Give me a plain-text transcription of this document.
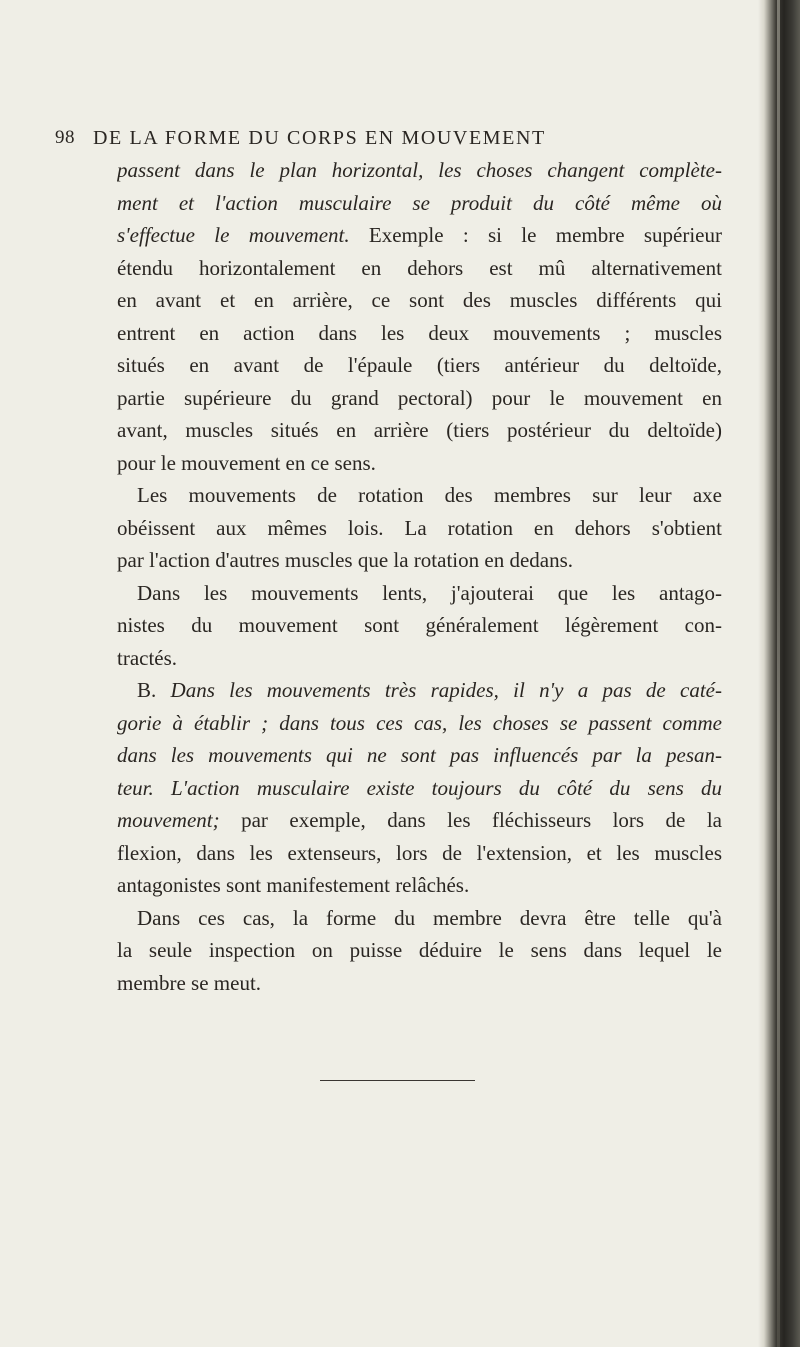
98 DE LA FORME DU CORPS EN MOUVEMENT
passent dans le plan horizontal, les choses changent complète-
ment et l'action musculaire se produit du côté même où
s'effectue le mouvement. Exemple : si le membre supérieur
étendu horizontalement en dehors est mû alternativement
en avant et en arrière, ce sont des muscles différents qui
entrent en action dans les deux mouvements ; muscles
situés en avant de l'épaule (tiers antérieur du deltoïde,
partie supérieure du grand pectoral) pour le mouvement en
avant, muscles situés en arrière (tiers postérieur du deltoïde)
pour le mouvement en ce sens.
Les mouvements de rotation des membres sur leur axe
obéissent aux mêmes lois. La rotation en dehors s'obtient
par l'action d'autres muscles que la rotation en dedans.
Dans les mouvements lents, j'ajouterai que les antago-
nistes du mouvement sont généralement légèrement con-
tractés.
B. Dans les mouvements très rapides, il n'y a pas de caté-
gorie à établir ; dans tous ces cas, les choses se passent comme
dans les mouvements qui ne sont pas influencés par la pesan-
teur. L'action musculaire existe toujours du côté du sens du
mouvement; par exemple, dans les fléchisseurs lors de la
flexion, dans les extenseurs, lors de l'extension, et les muscles
antagonistes sont manifestement relâchés.
Dans ces cas, la forme du membre devra être telle qu'à
la seule inspection on puisse déduire le sens dans lequel le
membre se meut.
